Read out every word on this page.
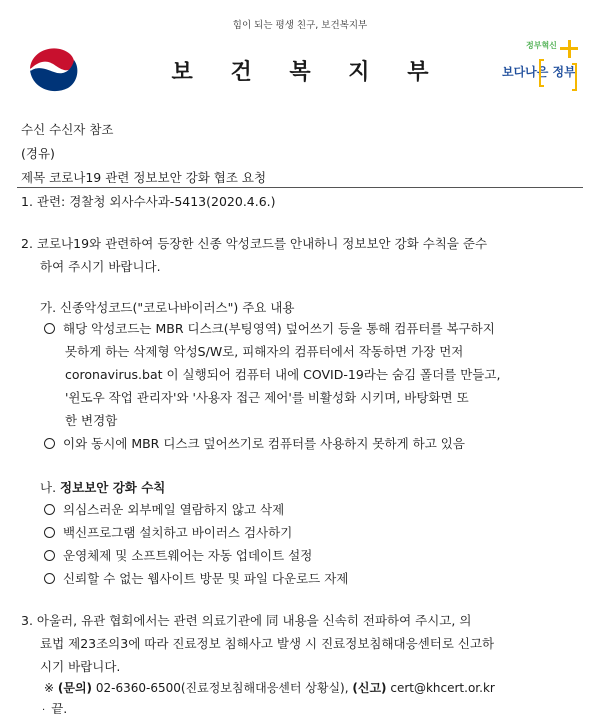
힘이 되는 평생 친구, 보건복지부
보 건 복 지 부
정부혁신
보다나은 정부
수신 수신자 참조
(경유)
제목 코로나19 관련 정보보안 강화 협조 요청
1. 관련: 경찰청 외사수사과-5413(2020.4.6.)
2. 코로나19와 관련하여 등장한 신종 악성코드를 안내하니 정보보안 강화 수칙을 준수
하여 주시기 바랍니다.
가. 신종악성코드("코로나바이러스") 주요 내용
해당 악성코드는 MBR 디스크(부팅영역) 덮어쓰기 등을 통해 컴퓨터를 복구하지
못하게 하는 삭제형 악성S/W로, 피해자의 컴퓨터에서 작동하면 가장 먼저
coronavirus.bat 이 실행되어 컴퓨터 내에 COVID-19라는 숨김 폴더를 만들고,
'윈도우 작업 관리자'와 '사용자 접근 제어'를 비활성화 시키며, 바탕화면 또
한 변경함
이와 동시에 MBR 디스크 덮어쓰기로 컴퓨터를 사용하지 못하게 하고 있음
나. 정보보안 강화 수칙
의심스러운 외부메일 열람하지 않고 삭제
백신프로그램 설치하고 바이러스 검사하기
운영체제 및 소프트웨어는 자동 업데이트 설정
신뢰할 수 없는 웹사이트 방문 및 파일 다운로드 자제
3. 아울러, 유관 협회에서는 관련 의료기관에 同 내용을 신속히 전파하여 주시고, 의
료법 제23조의3에 따라 진료정보 침해사고 발생 시 진료정보침해대응센터로 신고하
시기 바랍니다.
※ (문의) 02-6360-6500(진료정보침해대응센터 상황실), (신고) cert@khcert.or.kr
· 끝.
